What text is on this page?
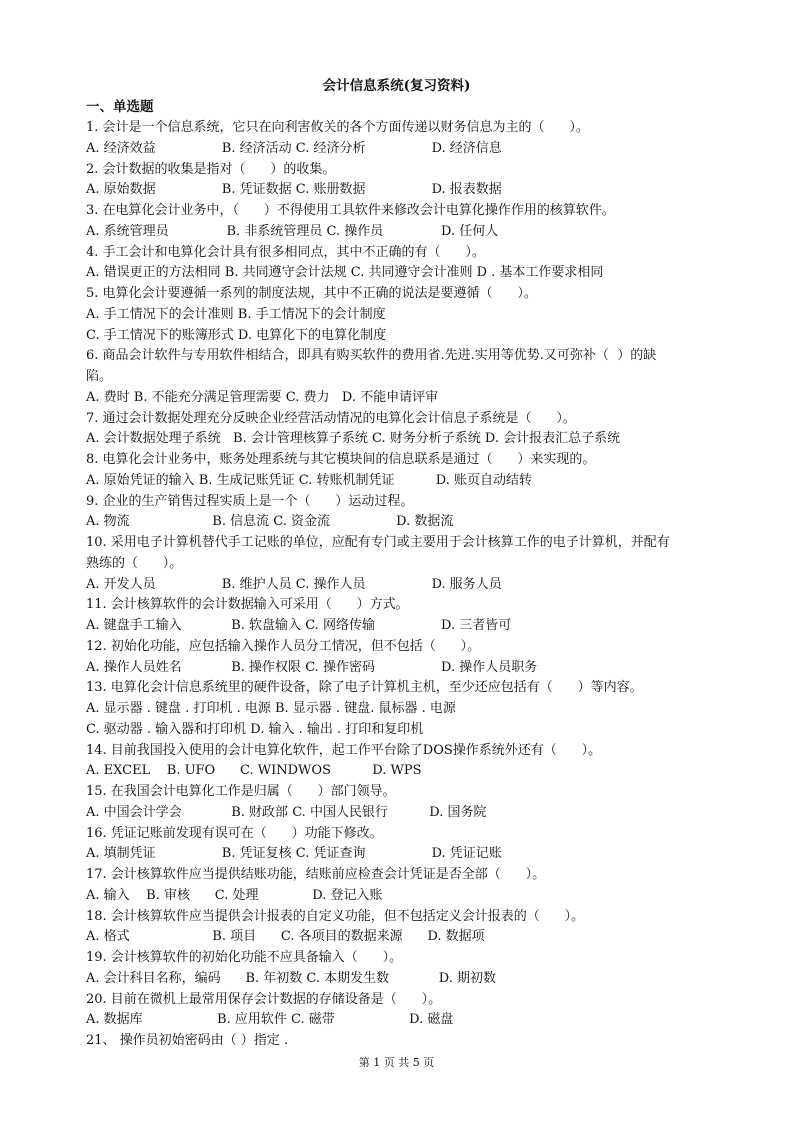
会计信息系统(复习资料)
一、单选题
1. 会计是一个信息系统，它只在向利害攸关的各个方面传递以财务信息为主的（      ）。
A. 经济效益                B. 经济活动 C. 经济分析                D. 经济信息
2. 会计数据的收集是指对（      ）的收集。
A. 原始数据                B. 凭证数据 C. 账册数据                D. 报表数据
3. 在电算化会计业务中，（      ）不得使用工具软件来修改会计电算化操作作用的核算软件。
A. 系统管理员              B. 非系统管理员 C. 操作员              D. 任何人
4. 手工会计和电算化会计具有很多相同点，其中不正确的有（      ）。
A. 错误更正的方法相同 B. 共同遵守会计法规 C. 共同遵守会计准则 D . 基本工作要求相同
5. 电算化会计要遵循一系列的制度法规，其中不正确的说法是要遵循（      ）。
A. 手工情况下的会计准则 B. 手工情况下的会计制度
C. 手工情况下的账簿形式 D. 电算化下的电算化制度
6. 商品会计软件与专用软件相结合，即具有购买软件的费用省.先进.实用等优势.又可弥补（  ）的缺
陷。
A. 费时 B. 不能充分满足管理需要 C. 费力   D. 不能申请评审
7. 通过会计数据处理充分反映企业经营活动情况的电算化会计信息子系统是（      ）。
A. 会计数据处理子系统   B. 会计管理核算子系统 C. 财务分析子系统 D. 会计报表汇总子系统
8. 电算化会计业务中，账务处理系统与其它模块间的信息联系是通过（      ）来实现的。
A. 原始凭证的输入 B. 生成记账凭证 C. 转账机制凭证          D. 账页自动结转
9. 企业的生产销售过程实质上是一个（      ）运动过程。
A. 物流                    B. 信息流 C. 资金流                D. 数据流
10. 采用电子计算机替代手工记账的单位，应配有专门或主要用于会计核算工作的电子计算机，并配有
熟练的（      ）。
A. 开发人员                B. 维护人员 C. 操作人员                D. 服务人员
11. 会计核算软件的会计数据输入可采用（      ）方式。
A. 键盘手工输入            B. 软盘输入 C. 网络传输                D. 三者皆可
12. 初始化功能，应包括输入操作人员分工情况，但不包括（      ）。
A. 操作人员姓名            B. 操作权限 C. 操作密码                D. 操作人员职务
13. 电算化会计信息系统里的硬件设备，除了电子计算机主机，至少还应包括有（      ）等内容。
A. 显示器 . 键盘 . 打印机 . 电源 B. 显示器 . 键盘. 鼠标器 . 电源
C. 驱动器 . 输入器和打印机 D. 输入 . 输出 . 打印和复印机
14. 目前我国投入使用的会计电算化软件，起工作平台除了DOS操作系统外还有（      ）。
A. EXCEL    B. UFO      C. WINDWOS          D. WPS
15. 在我国会计电算化工作是归属（      ）部门领导。
A. 中国会计学会            B. 财政部 C. 中国人民银行          D. 国务院
16. 凭证记账前发现有误可在（      ）功能下修改。
A. 填制凭证                B. 凭证复核 C. 凭证查询                D. 凭证记账
17. 会计核算软件应当提供结账功能，结账前应检查会计凭证是否全部（      ）。
A. 输入    B. 审核      C. 处理             D. 登记入账
18. 会计核算软件应当提供会计报表的自定义功能，但不包括定义会计报表的（      ）。
A. 格式                    B. 项目      C. 各项目的数据来源      D. 数据项
19. 会计核算软件的初始化功能不应具备输入（      ）。
A. 会计科目名称，编码      B. 年初数 C. 本期发生数            D. 期初数
20. 目前在微机上最常用保存会计数据的存储设备是（      ）。
A. 数据库                  B. 应用软件 C. 磁带                  D. 磁盘
21、 操作员初始密码由（ ）指定 .
第 1 页 共 5 页
